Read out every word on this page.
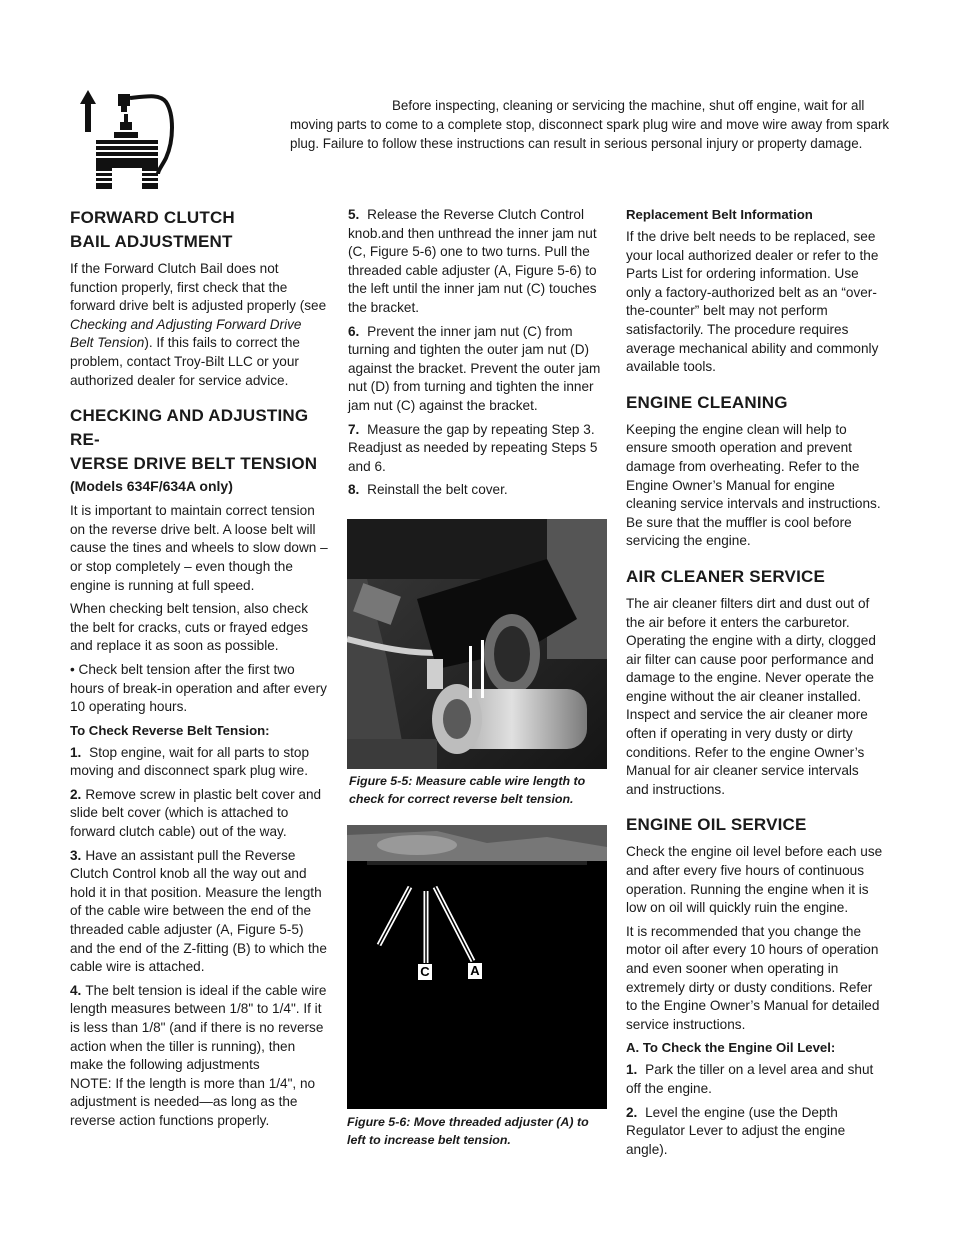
Before inspecting, cleaning or servicing the machine, shut off engine, wait for all moving parts to come to a complete stop, disconnect spark plug wire and move wire away from spark plug. Failure to follow these instructions can result in serious personal injury or property damage.
FORWARD CLUTCH
BAIL ADJUSTMENT

If the Forward Clutch Bail does not function properly, first check that the forward drive belt is adjusted properly (see Checking and Adjusting Forward Drive Belt Tension). If this fails to correct the problem, contact Troy-Bilt LLC or your authorized dealer for service advice.

CHECKING AND ADJUSTING RE-
VERSE DRIVE BELT TENSION
(Models 634F/634A only)

It is important to maintain correct tension on the reverse drive belt. A loose belt will cause the tines and wheels to slow down – or stop completely – even though the engine is running at full speed.

When checking belt tension, also check the belt for cracks, cuts or frayed edges and replace it as soon as possible.

• Check belt tension after the first two hours of break-in operation and after every 10 operating hours.

To Check Reverse Belt Tension:

1. Stop engine, wait for all parts to stop moving and disconnect spark plug wire.

2. Remove screw in plastic belt cover and slide belt cover (which is attached to forward clutch cable) out of the way.

3. Have an assistant pull the Reverse Clutch Control knob all the way out and hold it in that position. Measure the length of the cable wire between the end of the threaded cable adjuster (A, Figure 5-5) and the end of the Z-fitting (B) to which the cable wire is attached.

4. The belt tension is ideal if the cable wire length measures between 1/8" to 1/4". If it is less than 1/8" (and if there is no reverse action when the tiller is running), then make the following adjustments

NOTE: If the length is more than 1/4", no adjustment is needed—as long as the reverse action functions properly.

5. Release the Reverse Clutch Control knob.and then unthread the inner jam nut (C, Figure 5-6) one to two turns. Pull the threaded cable adjuster (A, Figure 5-6) to the left until the inner jam nut (C) touches the bracket.

6. Prevent the inner jam nut (C) from turning and tighten the outer jam nut (D) against the bracket. Prevent the outer jam nut (D) from turning and tighten the inner jam nut (C) against the bracket.

7. Measure the gap by repeating Step 3. Readjust as needed by repeating Steps 5 and 6.

8. Reinstall the belt cover.

Figure 5-5: Measure cable wire length to check for correct reverse belt tension.
C	A
Figure 5-6: Move threaded adjuster (A) to left to increase belt tension.
Replacement Belt Information

If the drive belt needs to be replaced, see your local authorized dealer or refer to the Parts List for ordering information. Use only a factory-authorized belt as an “over-the-counter” belt may not perform satisfactorily. The procedure requires average mechanical ability and commonly available tools.

ENGINE CLEANING

Keeping the engine clean will help to ensure smooth operation and prevent damage from overheating. Refer to the Engine Owner’s Manual for engine cleaning service intervals and instructions. Be sure that the muffler is cool before servicing the engine.

AIR CLEANER SERVICE

The air cleaner filters dirt and dust out of the air before it enters the carburetor. Operating the engine with a dirty, clogged air filter can cause poor performance and damage to the engine. Never operate the engine without the air cleaner installed. Inspect and service the air cleaner more often if operating in very dusty or dirty conditions. Refer to the engine Owner’s Manual for air cleaner service intervals and instructions.

ENGINE OIL SERVICE

Check the engine oil level before each use and after every five hours of continuous operation. Running the engine when it is low on oil will quickly ruin the engine.

It is recommended that you change the motor oil after every 10 hours of operation and even sooner when operating in extremely dirty or dusty conditions. Refer to the Engine Owner’s Manual for detailed service instructions.

A. To Check the Engine Oil Level:

1. Park the tiller on a level area and shut off the engine.

2. Level the engine (use the Depth Regulator Lever to adjust the engine angle).
